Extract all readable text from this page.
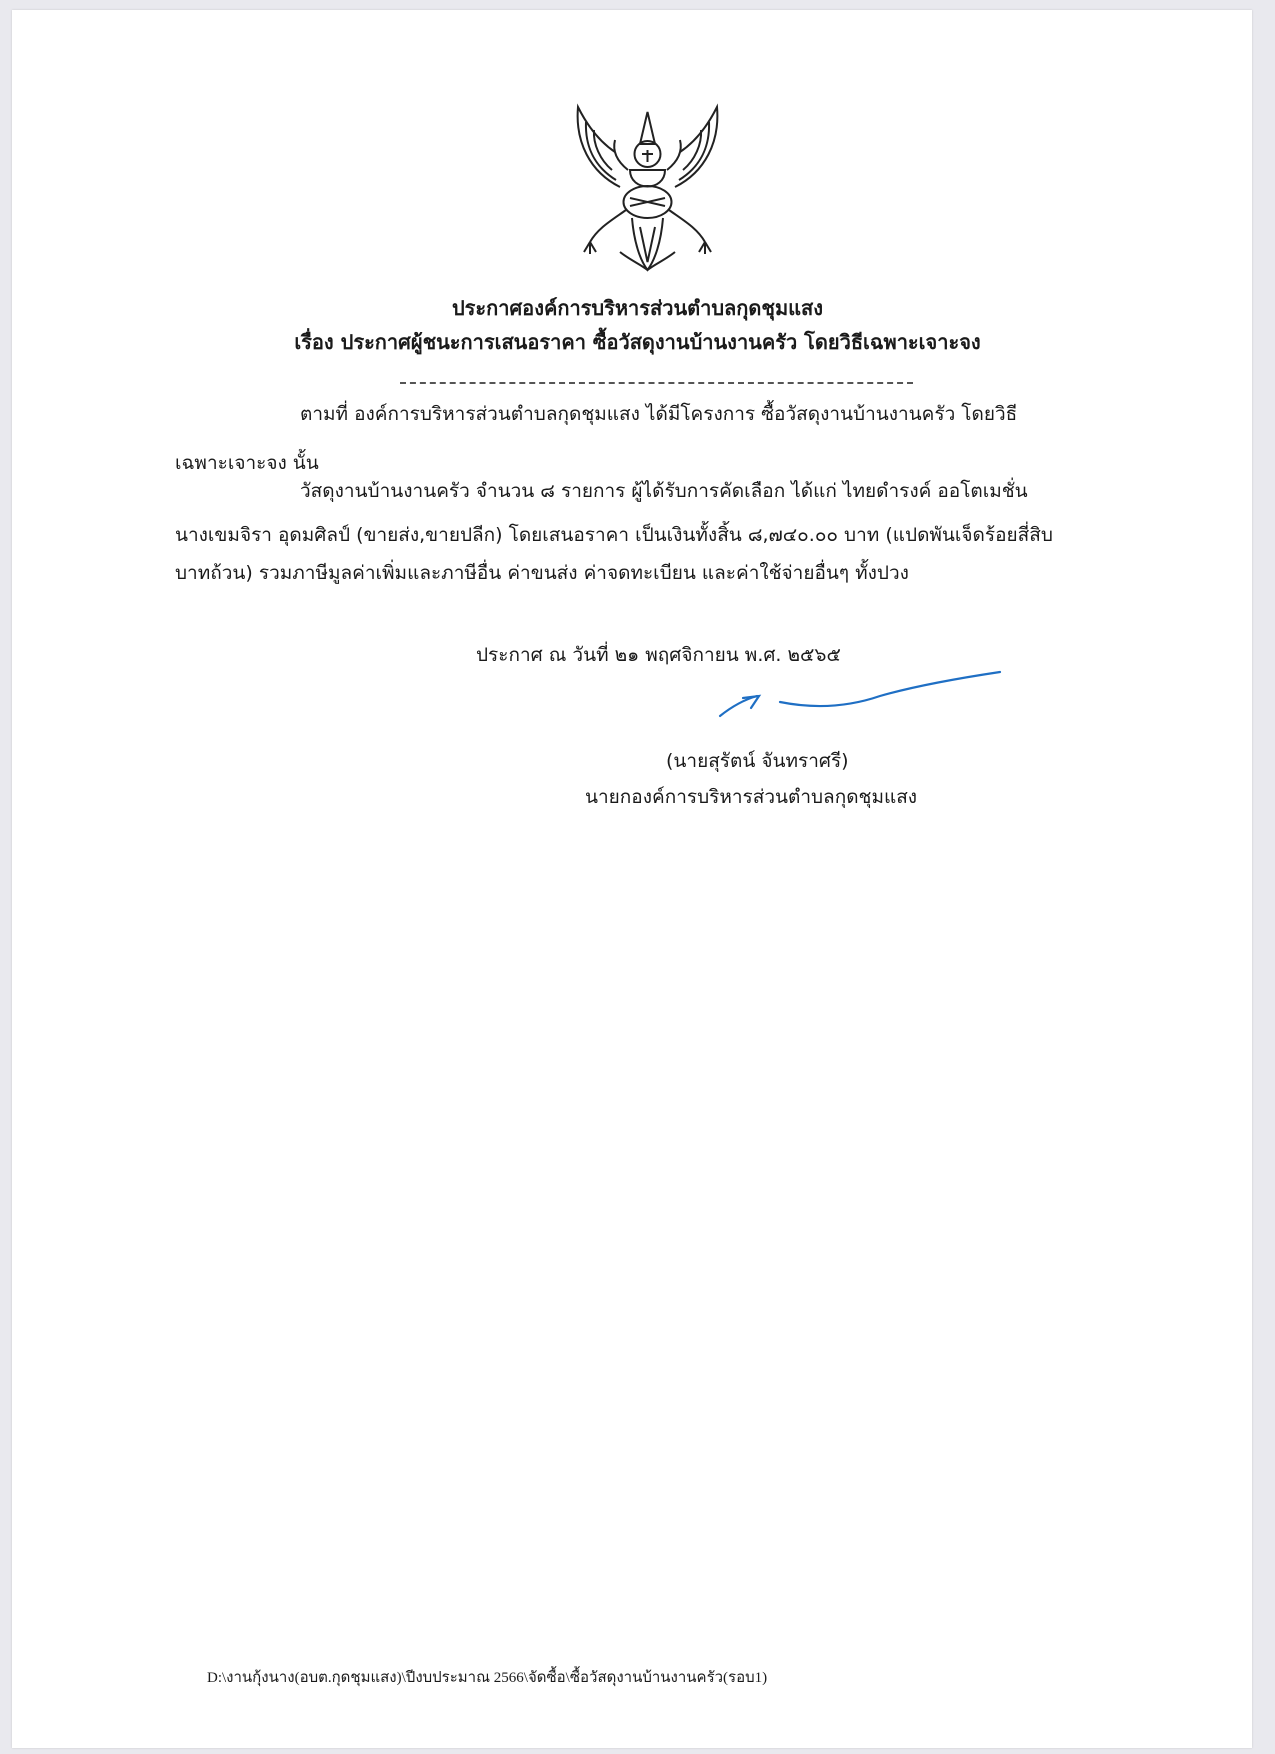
ประกาศองค์การบริหารส่วนตำบลกุดชุมแสง
เรื่อง ประกาศผู้ชนะการเสนอราคา ซื้อวัสดุงานบ้านงานครัว โดยวิธีเฉพาะเจาะจง
ตามที่ องค์การบริหารส่วนตำบลกุดชุมแสง ได้มีโครงการ ซื้อวัสดุงานบ้านงานครัว โดยวิธี
เฉพาะเจาะจง นั้น
วัสดุงานบ้านงานครัว จำนวน ๘ รายการ ผู้ได้รับการคัดเลือก ได้แก่ ไทยดำรงค์ ออโตเมชั่น
นางเขมจิรา อุดมศิลป์ (ขายส่ง,ขายปลีก) โดยเสนอราคา เป็นเงินทั้งสิ้น ๘,๗๔๐.๐๐ บาท (แปดพันเจ็ดร้อยสี่สิบ
บาทถ้วน) รวมภาษีมูลค่าเพิ่มและภาษีอื่น ค่าขนส่ง ค่าจดทะเบียน และค่าใช้จ่ายอื่นๆ ทั้งปวง
ประกาศ ณ วันที่ ๒๑ พฤศจิกายน พ.ศ. ๒๕๖๕
(นายสุรัตน์ จันทราศรี)
นายกองค์การบริหารส่วนตำบลกุดชุมแสง
D:\งานกุ้งนาง(อบต.กุดชุมแสง)\ปีงบประมาณ 2566\จัดซื้อ\ซื้อวัสดุงานบ้านงานครัว(รอบ1)
